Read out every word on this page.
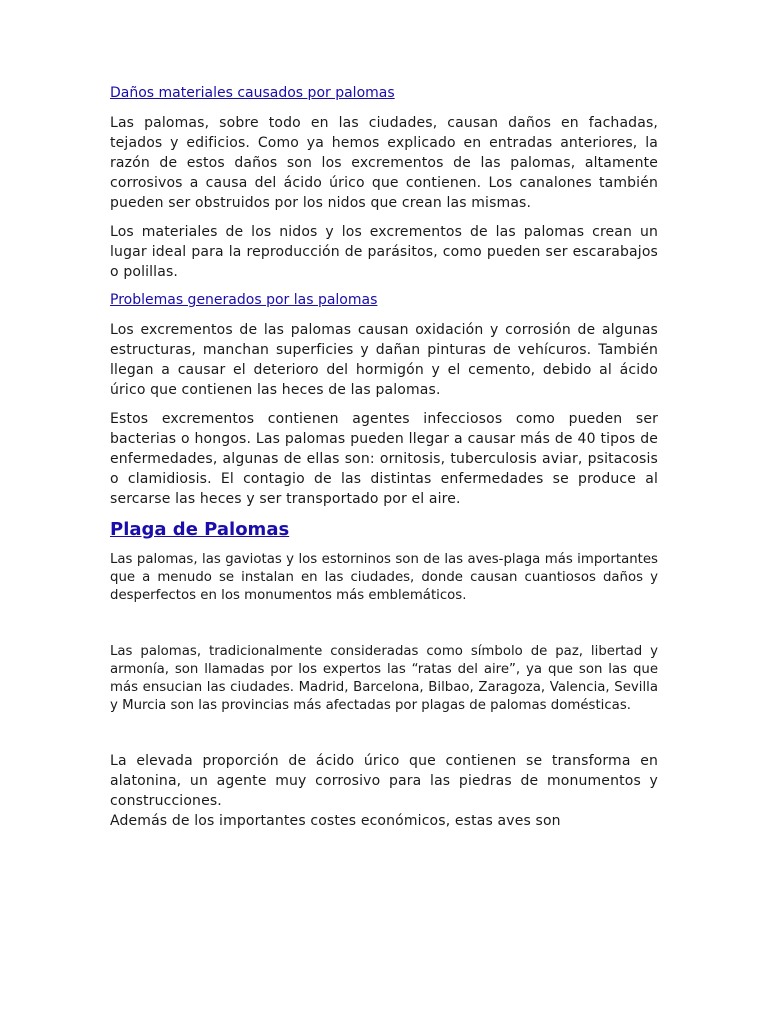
Daños materiales causados por palomas

Las palomas, sobre todo en las ciudades, causan daños en fachadas, tejados y edificios. Como ya hemos explicado en entradas anteriores, la razón de estos daños son los excrementos de las palomas, altamente corrosivos a causa del ácido úrico que contienen. Los canalones también pueden ser obstruidos por los nidos que crean las mismas.

Los materiales de los nidos y los excrementos de las palomas crean un lugar ideal para la reproducción de parásitos, como pueden ser escarabajos o polillas.

Problemas generados por las palomas

Los excrementos de las palomas causan oxidación y corrosión de algunas estructuras, manchan superficies y dañan pinturas de vehícuros. También llegan a causar el deterioro del hormigón y el cemento, debido al ácido úrico que contienen las heces de las palomas.

Estos excrementos contienen agentes infecciosos como pueden ser bacterias o hongos. Las palomas pueden llegar a causar más de 40 tipos de enfermedades, algunas de ellas son: ornitosis, tuberculosis aviar, psitacosis o clamidiosis. El contagio de las distintas enfermedades se produce al sercarse las heces y ser transportado por el aire.

Plaga de Palomas

Las palomas, las gaviotas y los estorninos son de las aves-plaga más importantes que a menudo se instalan en las ciudades, donde causan cuantiosos daños y desperfectos en los monumentos más emblemáticos.

Las palomas, tradicionalmente consideradas como símbolo de paz, libertad y armonía, son llamadas por los expertos las “ratas del aire”, ya que son las que más ensucian las ciudades. Madrid, Barcelona, Bilbao, Zaragoza, Valencia, Sevilla y Murcia son las provincias más afectadas por plagas de palomas domésticas.

La elevada proporción de ácido úrico que contienen se transforma en alatonina, un agente muy corrosivo para las piedras de monumentos y construcciones.

Además de los importantes costes económicos, estas aves son
